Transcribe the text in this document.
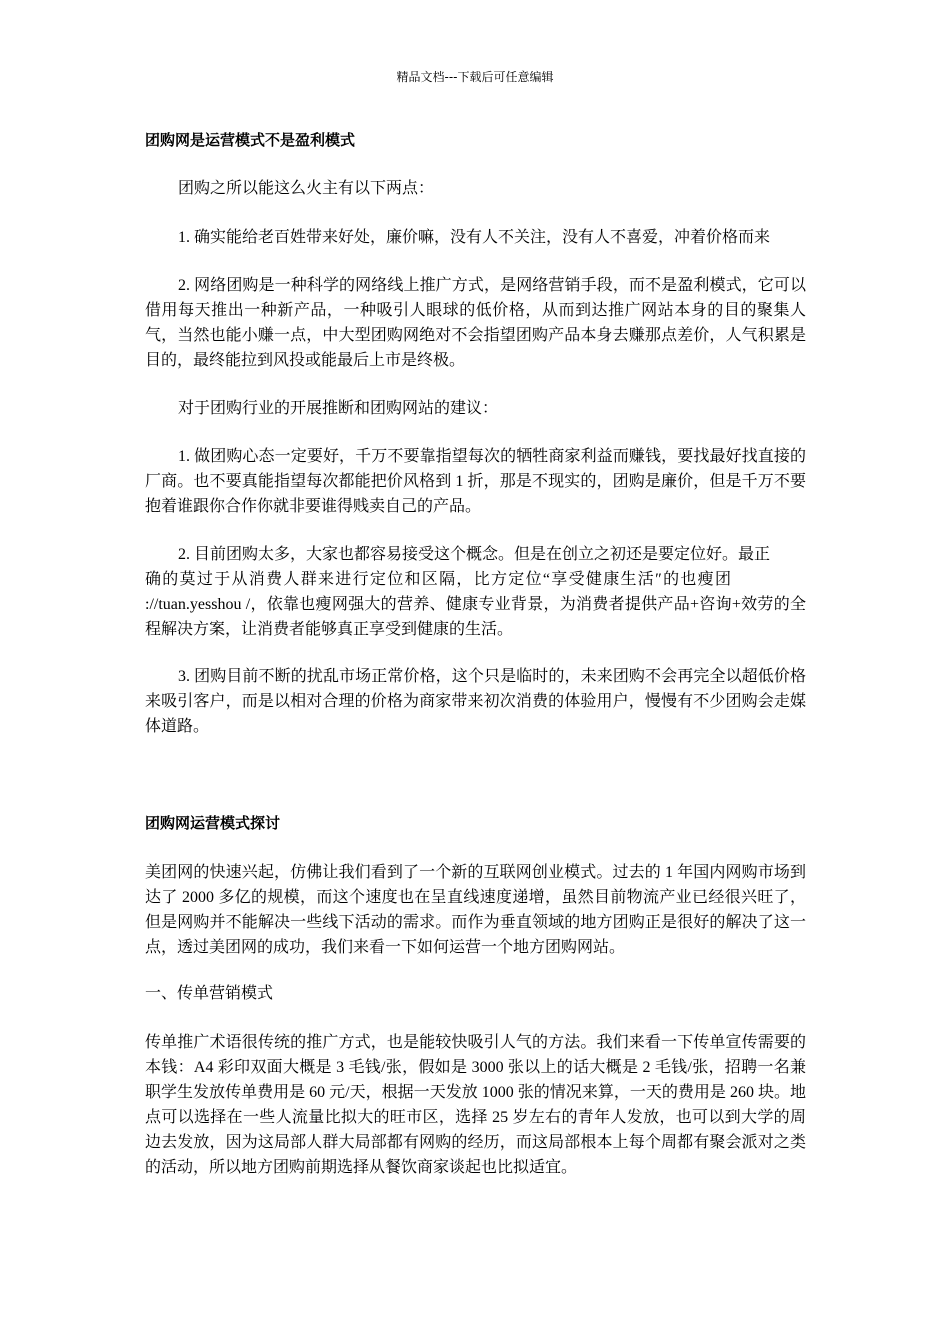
精品文档---下载后可任意编辑

团购网是运营模式不是盈利模式

团购之所以能这么火主有以下两点：

1. 确实能给老百姓带来好处，廉价嘛，没有人不关注，没有人不喜爱，冲着价格而来

2. 网络团购是一种科学的网络线上推广方式，是网络营销手段，而不是盈利模式，它可以借用每天推出一种新产品，一种吸引人眼球的低价格，从而到达推广网站本身的目的聚集人气，当然也能小赚一点，中大型团购网绝对不会指望团购产品本身去赚那点差价，人气积累是目的，最终能拉到风投或能最后上市是终极。

对于团购行业的开展推断和团购网站的建议：

1. 做团购心态一定要好，千万不要靠指望每次的牺牲商家利益而赚钱，要找最好找直接的厂商。也不要真能指望每次都能把价风格到 1 折，那是不现实的，团购是廉价，但是千万不要抱着谁跟你合作你就非要谁得贱卖自己的产品。

2. 目前团购太多，大家也都容易接受这个概念。但是在创立之初还是要定位好。最正

确的莫过于从消费人群来进行定位和区隔，比方定位“享受健康生活″的也瘦团

://tuan.yesshou /，依靠也瘦网强大的营养、健康专业背景，为消费者提供产品+咨询+效劳的全程解决方案，让消费者能够真正享受到健康的生活。

3. 团购目前不断的扰乱市场正常价格，这个只是临时的，未来团购不会再完全以超低价格来吸引客户，而是以相对合理的价格为商家带来初次消费的体验用户，慢慢有不少团购会走媒体道路。

团购网运营模式探讨

美团网的快速兴起，仿佛让我们看到了一个新的互联网创业模式。过去的 1 年国内网购市场到达了 2000 多亿的规模，而这个速度也在呈直线速度递增，虽然目前物流产业已经很兴旺了，但是网购并不能解决一些线下活动的需求。而作为垂直领域的地方团购正是很好的解决了这一点，透过美团网的成功，我们来看一下如何运营一个地方团购网站。

一、传单营销模式

传单推广术语很传统的推广方式，也是能较快吸引人气的方法。我们来看一下传单宣传需要的本钱：A4 彩印双面大概是 3 毛钱/张，假如是 3000 张以上的话大概是 2 毛钱/张，招聘一名兼职学生发放传单费用是 60 元/天，根据一天发放 1000 张的情况来算，一天的费用是 260 块。地点可以选择在一些人流量比拟大的旺市区，选择 25 岁左右的青年人发放，也可以到大学的周边去发放，因为这局部人群大局部都有网购的经历，而这局部根本上每个周都有聚会派对之类的活动，所以地方团购前期选择从餐饮商家谈起也比拟适宜。
